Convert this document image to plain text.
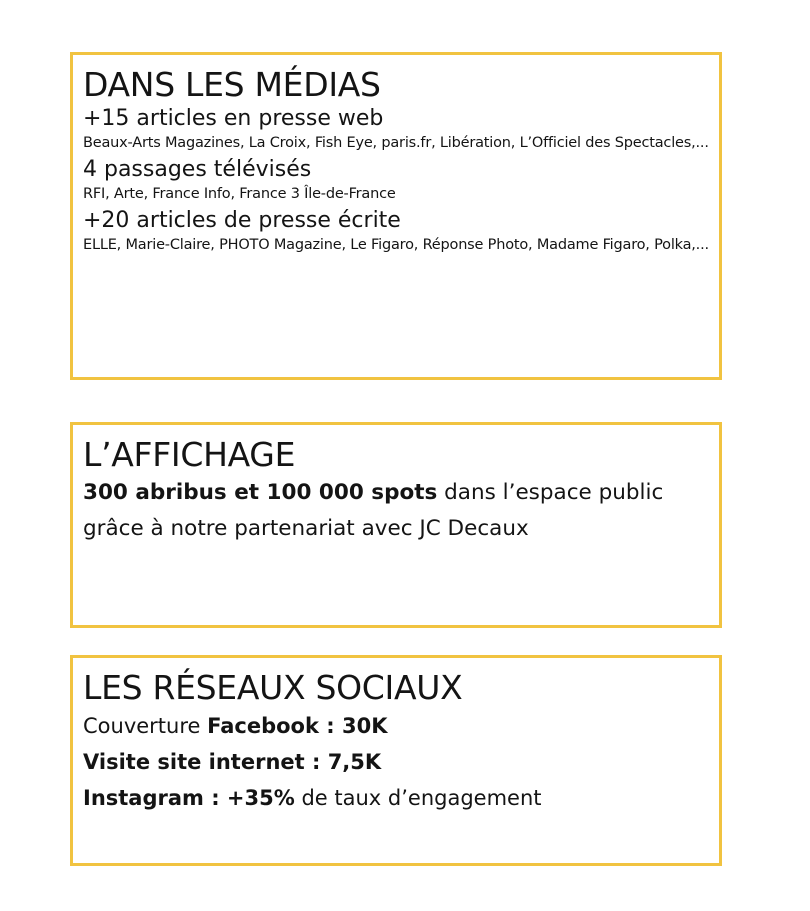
DANS LES MÉDIAS

+15 articles en presse web

Beaux-Arts Magazines, La Croix, Fish Eye, paris.fr, Libération, L’Officiel des Spectacles,...

4 passages télévisés

RFI, Arte, France Info, France 3 Île-de-France

+20 articles de presse écrite

ELLE, Marie-Claire, PHOTO Magazine, Le Figaro, Réponse Photo, Madame Figaro, Polka,...

L’AFFICHAGE

300 abribus et 100 000 spots dans l’espace public grâce à notre partenariat avec JC Decaux

LES RÉSEAUX SOCIAUX

Couverture Facebook : 30K

Visite site internet : 7,5K

Instagram : +35% de taux d’engagement
